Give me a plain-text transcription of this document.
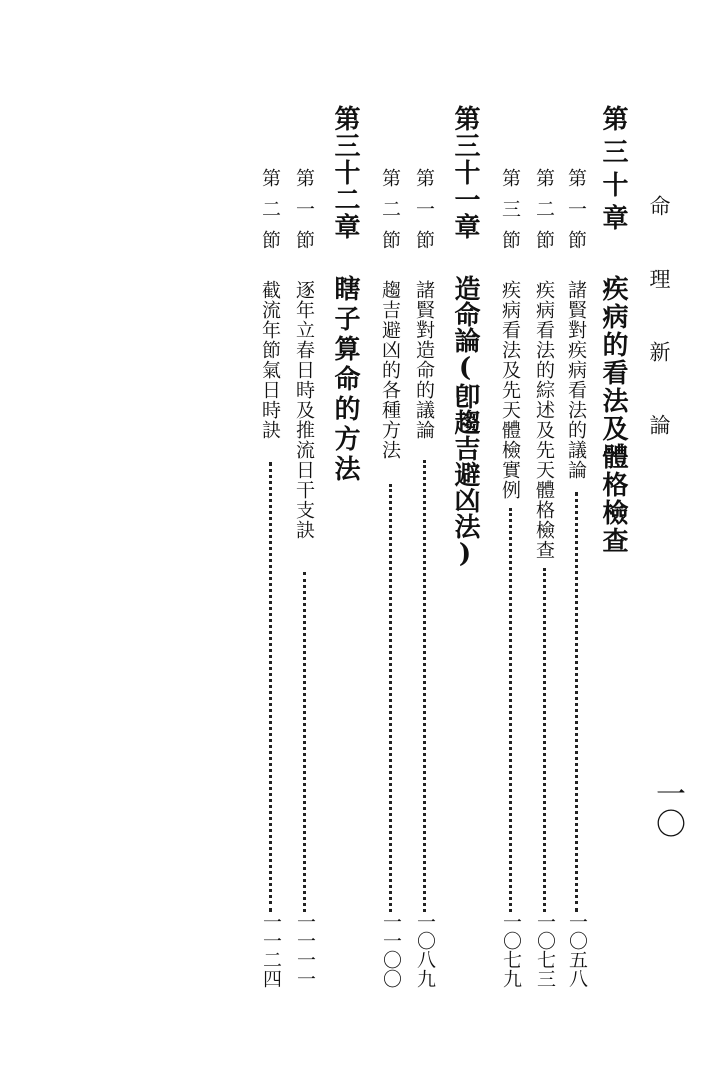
命 理 新 論
一〇
第三十章
疾病的看法及體格檢查
第一節
諸賢對疾病看法的議論
一〇五八
第二節
疾病看法的綜述及先天體格檢查
一〇七三
第三節
疾病看法及先天體檢實例
一〇七九
第三十一章
造命論(卽趨吉避凶法)
第一節
諸賢對造命的議論
一〇八九
第二節
趨吉避凶的各種方法
一一〇〇
第三十二章
瞎子算命的方法
第一節
逐年立春日時及推流日干支訣
一一一一
第二節
截流年節氣日時訣
一一二四
